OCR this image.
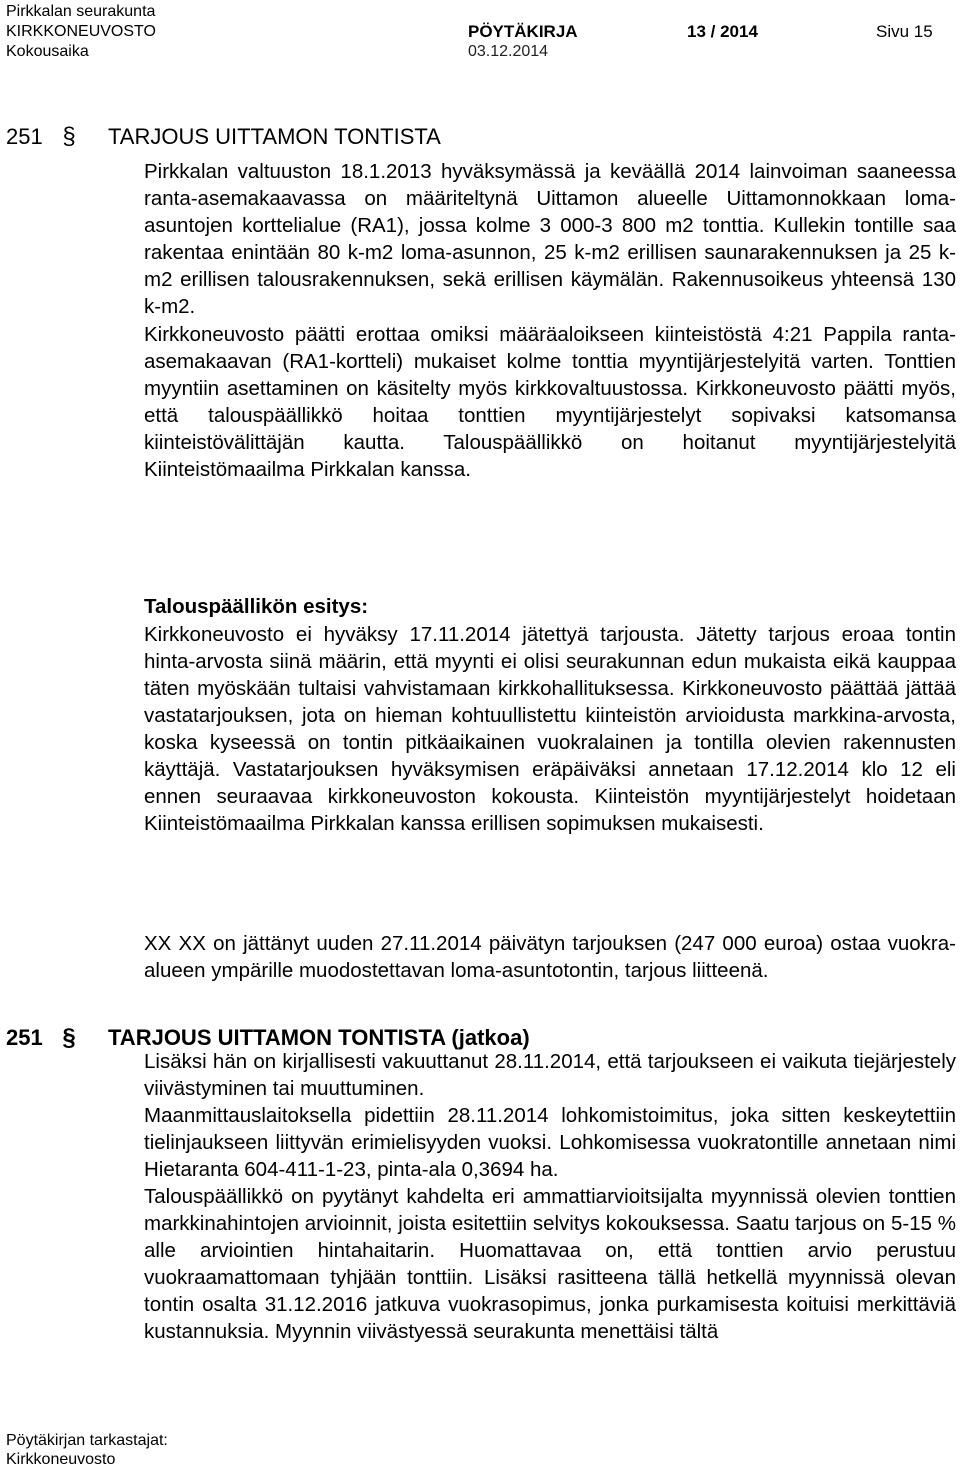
Pirkkalan seurakunta
KIRKKONEUVOSTO	PÖYTÄKIRJA	13 / 2014	Sivu 15
Kokousaika	03.12.2014
251 § TARJOUS UITTAMON TONTISTA

Pirkkalan valtuuston 18.1.2013 hyväksymässä ja keväällä 2014 lainvoiman saaneessa ranta-asemakaavassa on määriteltynä Uittamon alueelle Uittamonnokkaan loma-asuntojen korttelialue (RA1), jossa kolme 3 000-3 800 m2 tonttia. Kullekin tontille saa rakentaa enintään 80 k-m2 loma-asunnon, 25 k-m2 erillisen saunarakennuksen ja 25 k-m2 erillisen talousrakennuksen, sekä erillisen käymälän. Rakennusoikeus yhteensä 130 k-m2.

Kirkkoneuvosto päätti erottaa omiksi määräaloikseen kiinteistöstä 4:21 Pappila ranta-asemakaavan (RA1-kortteli) mukaiset kolme tonttia myyntijärjestelyitä varten. Tonttien myyntiin asettaminen on käsitelty myös kirkkovaltuustossa. Kirkkoneuvosto päätti myös, että talouspäällikkö hoitaa tonttien myyntijärjestelyt sopivaksi katsomansa kiinteistövälittäjän kautta. Talouspäällikkö on hoitanut myyntijärjestelyitä Kiinteistömaailma Pirkkalan kanssa.

Talouspäällikön esitys:

Kirkkoneuvosto ei hyväksy 17.11.2014 jätettyä tarjousta. Jätetty tarjous eroaa tontin hinta-arvosta siinä määrin, että myynti ei olisi seurakunnan edun mukaista eikä kauppaa täten myöskään tultaisi vahvistamaan kirkkohallituksessa. Kirkkoneuvosto päättää jättää vastatarjouksen, jota on hieman kohtuullistettu kiinteistön arvioidusta markkina-arvosta, koska kyseessä on tontin pitkäaikainen vuokralainen ja tontilla olevien rakennusten käyttäjä. Vastatarjouksen hyväksymisen eräpäiväksi annetaan 17.12.2014 klo 12 eli ennen seuraavaa kirkkoneuvoston kokousta. Kiinteistön myyntijärjestelyt hoidetaan Kiinteistömaailma Pirkkalan kanssa erillisen sopimuksen mukaisesti.

XX XX on jättänyt uuden 27.11.2014 päivätyn tarjouksen (247 000 euroa) ostaa vuokra-alueen ympärille muodostettavan loma-asuntotontin, tarjous liitteenä.

251 § TARJOUS UITTAMON TONTISTA (jatkoa)

Lisäksi hän on kirjallisesti vakuuttanut 28.11.2014, että tarjoukseen ei vaikuta tiejärjestely viivästyminen tai muuttuminen.

Maanmittauslaitoksella pidettiin 28.11.2014 lohkomistoimitus, joka sitten keskeytettiin tielinjaukseen liittyvän erimielisyyden vuoksi. Lohkomisessa vuokratontille annetaan nimi Hietaranta 604-411-1-23, pinta-ala 0,3694 ha.

Talouspäällikkö on pyytänyt kahdelta eri ammattiarvioitsijalta myynnissä olevien tonttien markkinahintojen arvioinnit, joista esitettiin selvitys kokouksessa. Saatu tarjous on 5-15 % alle arviointien hintahaitarin. Huomattavaa on, että tonttien arvio perustuu vuokraamattomaan tyhjään tonttiin. Lisäksi rasitteena tällä hetkellä myynnissä olevan tontin osalta 31.12.2016 jatkuva vuokrasopimus, jonka purkamisesta koituisi merkittäviä kustannuksia. Myynnin viivästyessä seurakunta menettäisi tältä

Pöytäkirjan tarkastajat:
Kirkkoneuvosto
